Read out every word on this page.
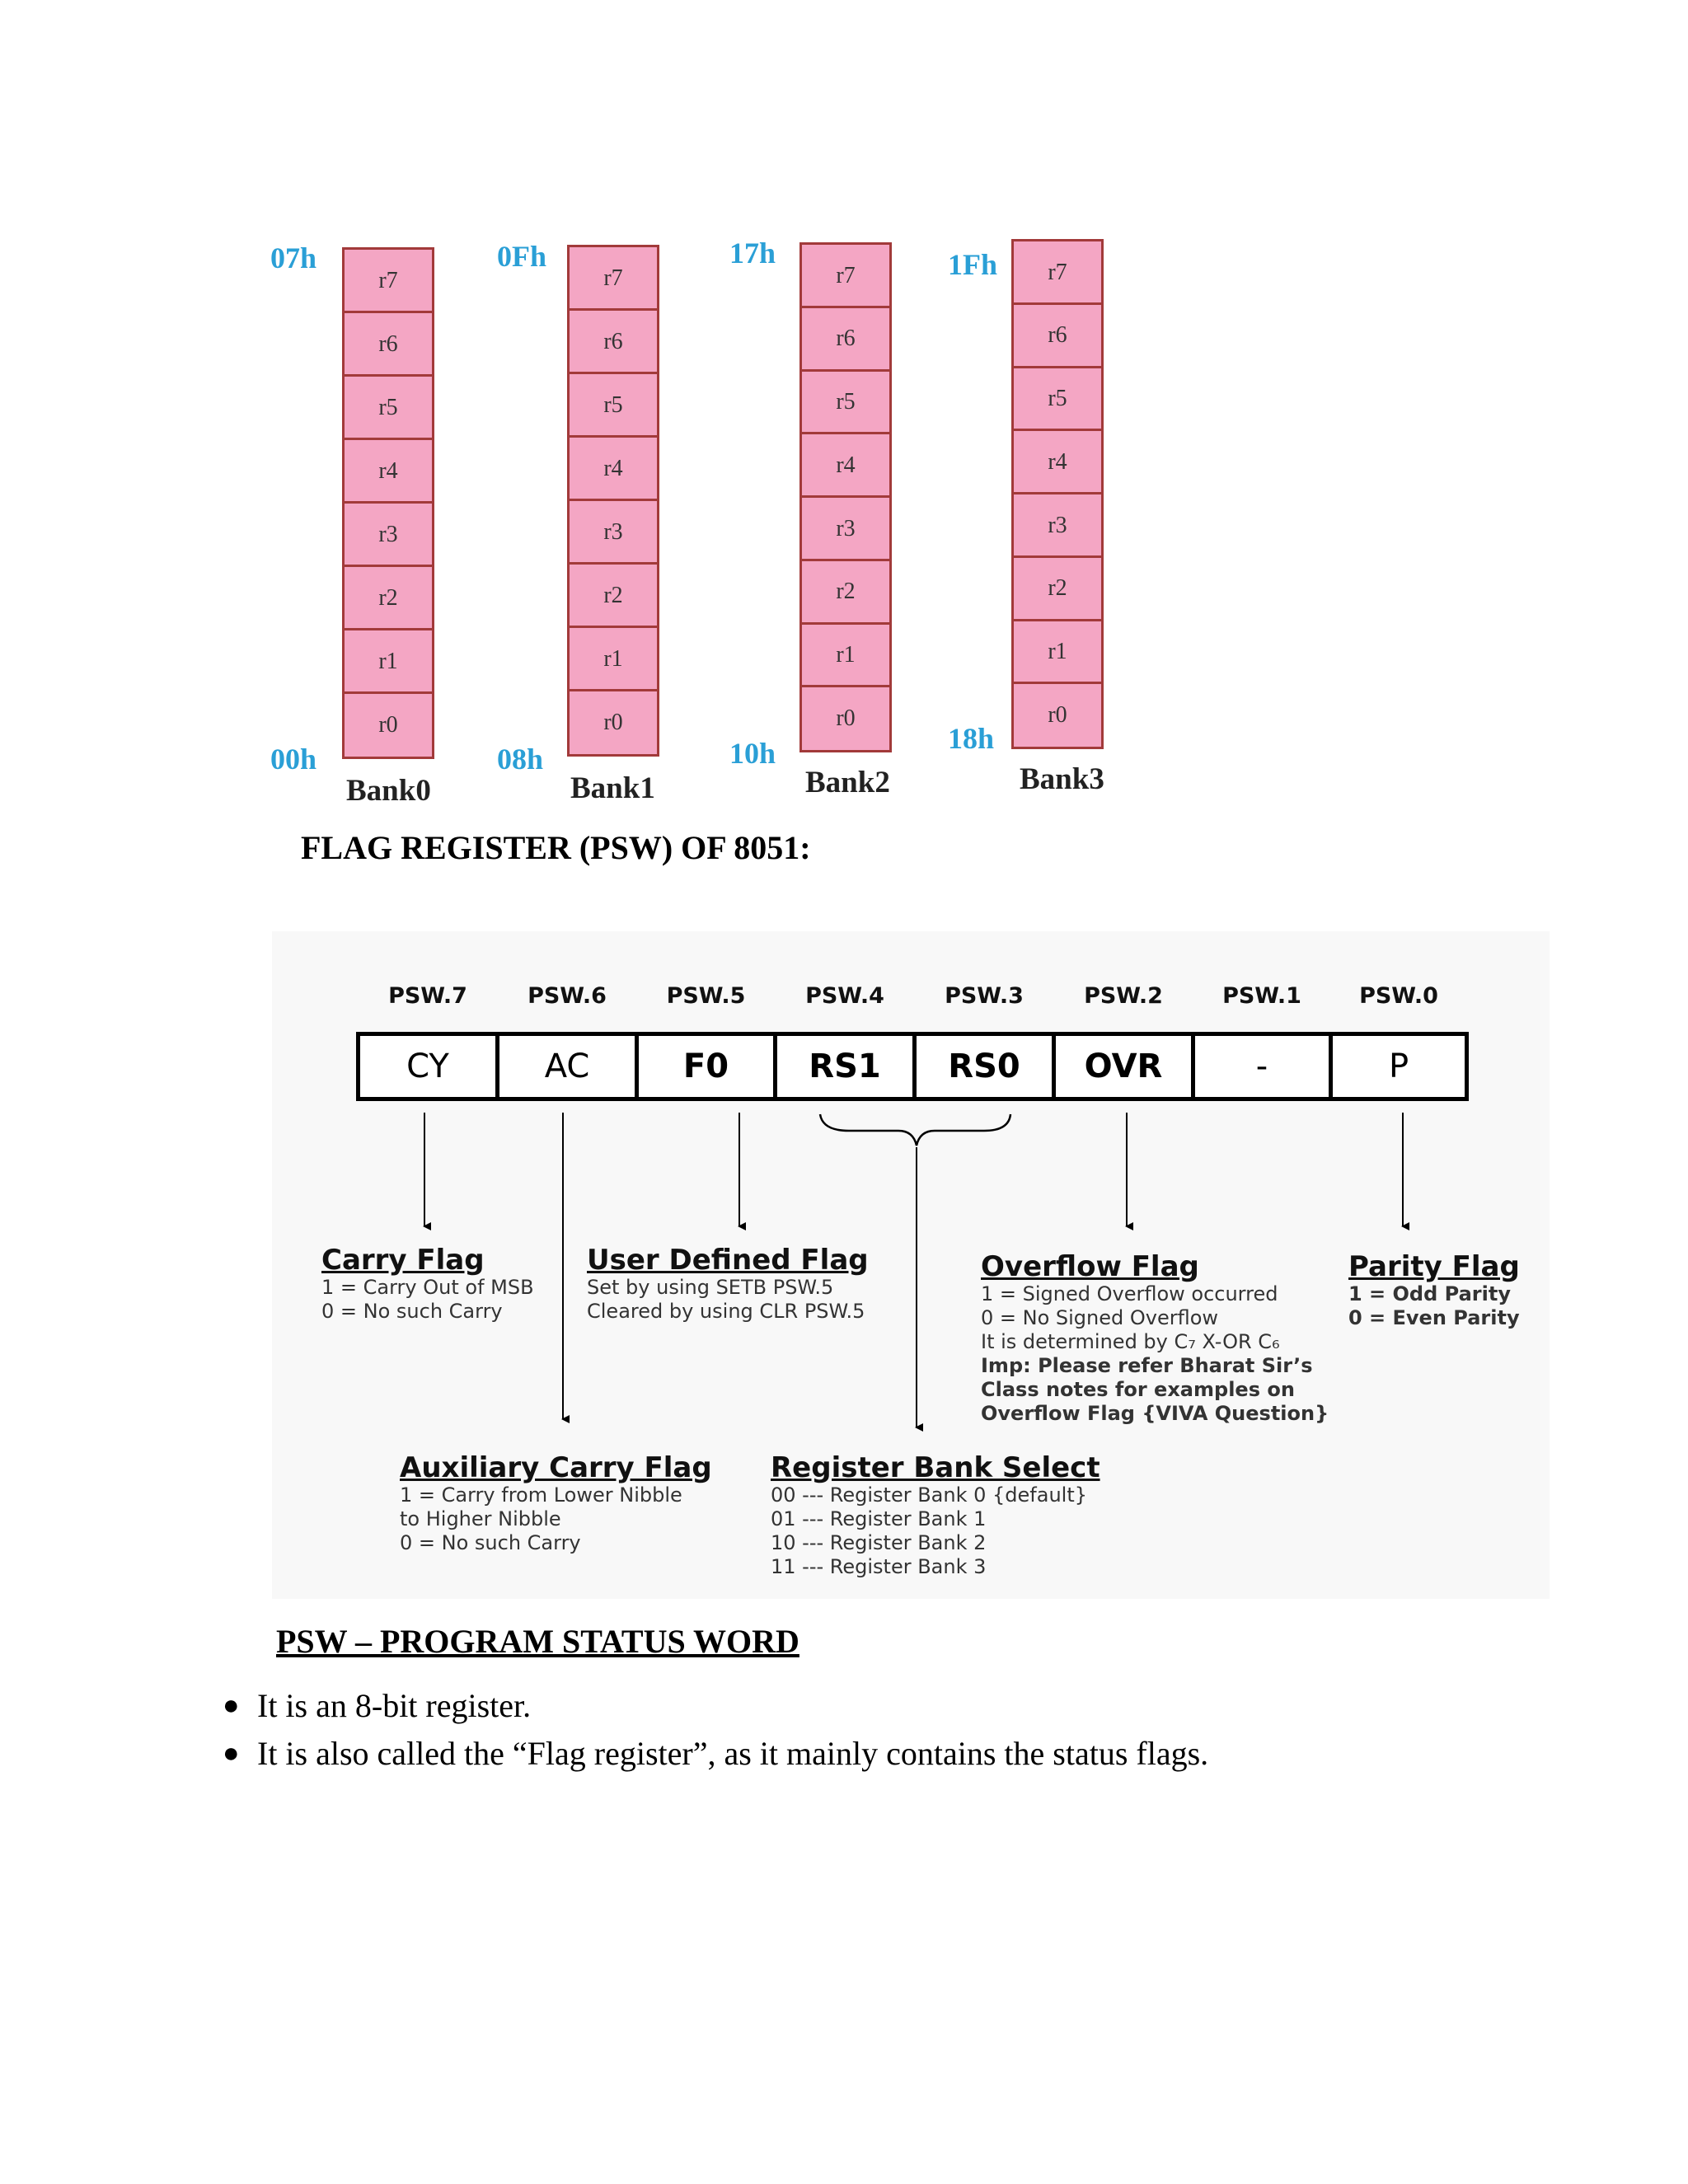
r7
r6
r5
r4
r3
r2
r1
r0
07h
00h
Bank0
r7
r6
r5
r4
r3
r2
r1
r0
0Fh
08h
Bank1
r7
r6
r5
r4
r3
r2
r1
r0
17h
10h
Bank2
r7
r6
r5
r4
r3
r2
r1
r0
1Fh
18h
Bank3
FLAG REGISTER (PSW) OF 8051:
PSW.7	PSW.6	PSW.5	PSW.4	PSW.3	PSW.2	PSW.1	PSW.0
CY	AC	F0	RS1	RS0	OVR	-	P
Carry Flag
1 = Carry Out of MSB
0 = No such Carry
User Defined Flag
Set by using SETB PSW.5
Cleared by using CLR PSW.5
Overflow Flag
1 = Signed Overflow occurred
0 = No Signed Overflow
It is determined by C₇ X-OR C₆
Imp: Please refer Bharat Sir’s
Class notes for examples on
Overflow Flag {VIVA Question}
Parity Flag
1 = Odd Parity
0 = Even Parity
Auxiliary Carry Flag
1 = Carry from Lower Nibble
to Higher Nibble
0 = No such Carry
Register Bank Select
00 --- Register Bank 0 {default}
01 --- Register Bank 1
10 --- Register Bank 2
11 --- Register Bank 3
PSW – PROGRAM STATUS WORD
● It is an 8-bit register.
● It is also called the “Flag register”, as it mainly contains the status flags.
